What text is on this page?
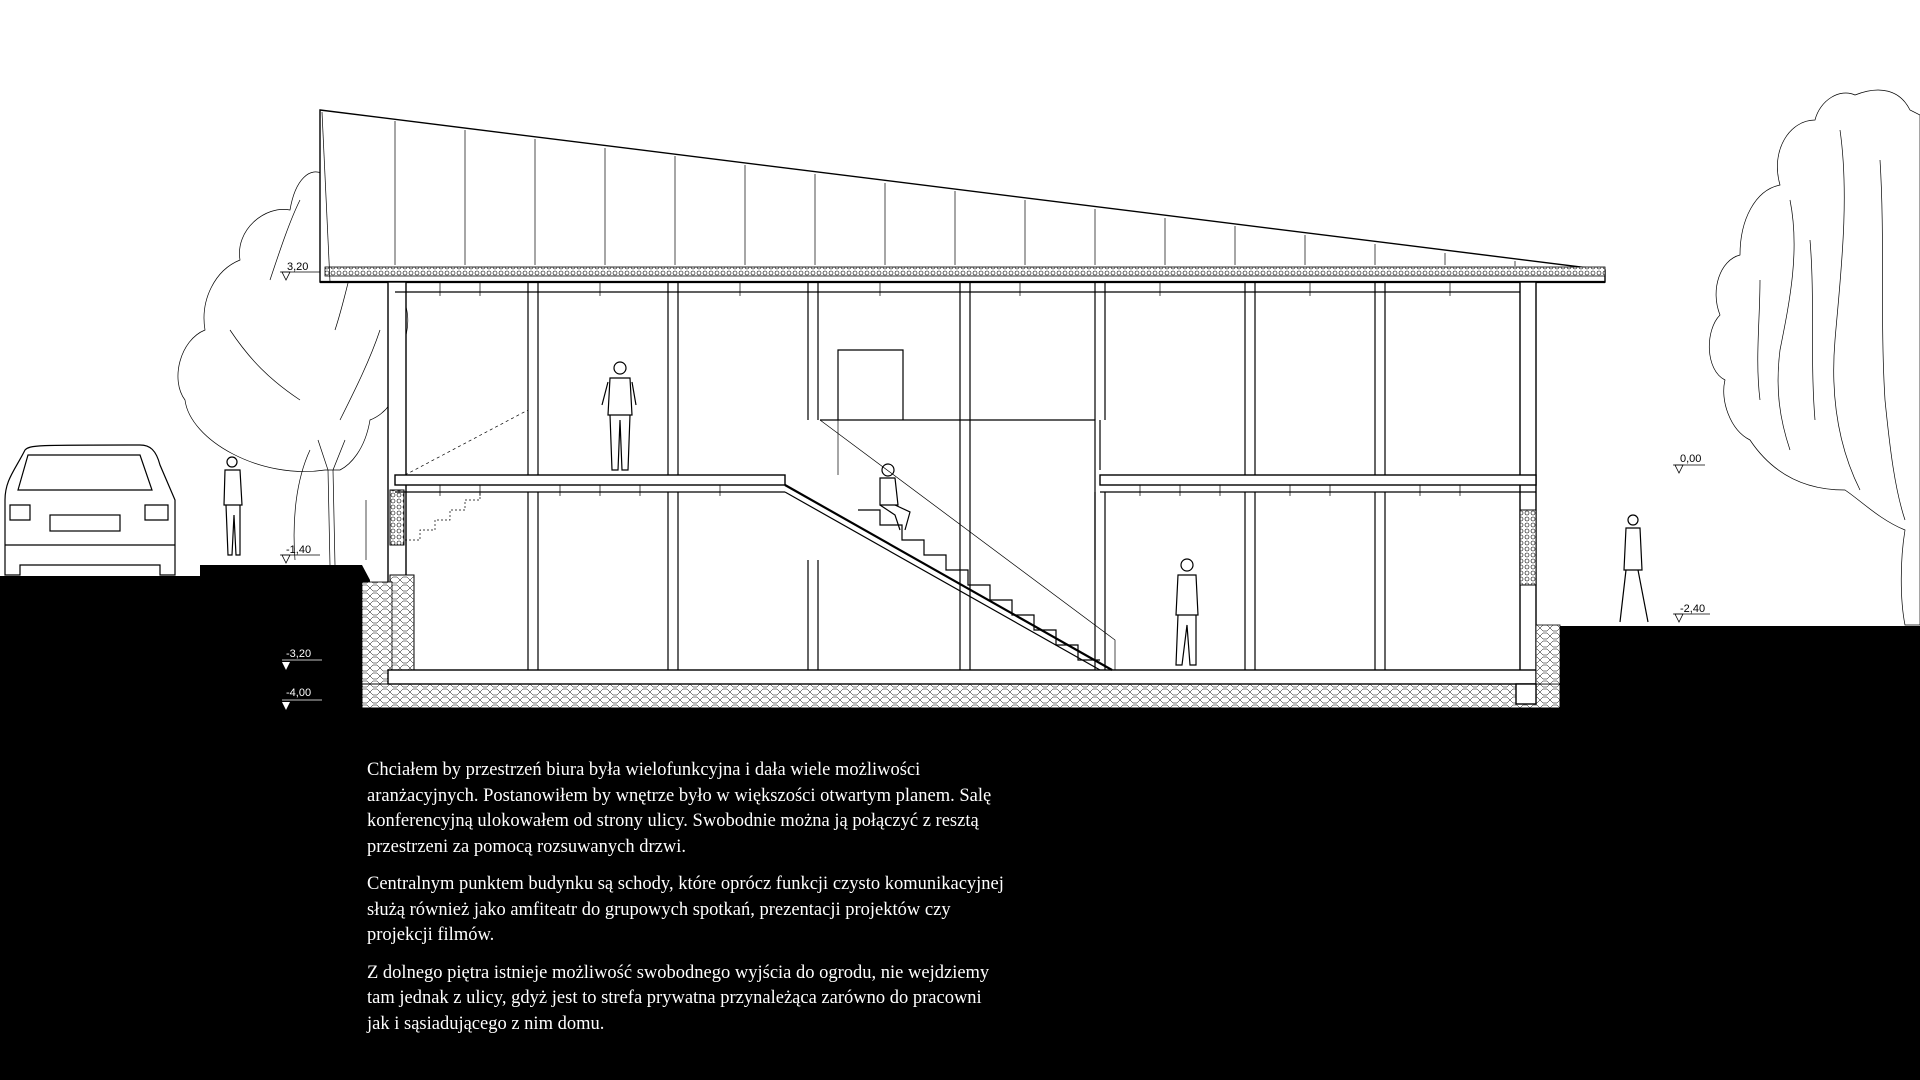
3,20
0,00
-1,40
-2,40
-3,20
-4,00

Chciałem by przestrzeń biura była wielofunkcyjna i dała wiele możliwości aranżacyjnych. Postanowiłem by wnętrze było w większości otwartym planem. Salę konferencyjną ulokowałem od strony ulicy. Swobodnie można ją połączyć z resztą przestrzeni za pomocą rozsuwanych drzwi.

Centralnym punktem budynku są schody, które oprócz funkcji czysto komunikacyjnej służą również jako amfiteatr do grupowych spotkań, prezentacji projektów czy projekcji filmów.

Z dolnego piętra istnieje możliwość swobodnego wyjścia do ogrodu, nie wejdziemy tam jednak z ulicy, gdyż jest to strefa prywatna przynależąca zarówno do pracowni jak i sąsiadującego z nim domu.
